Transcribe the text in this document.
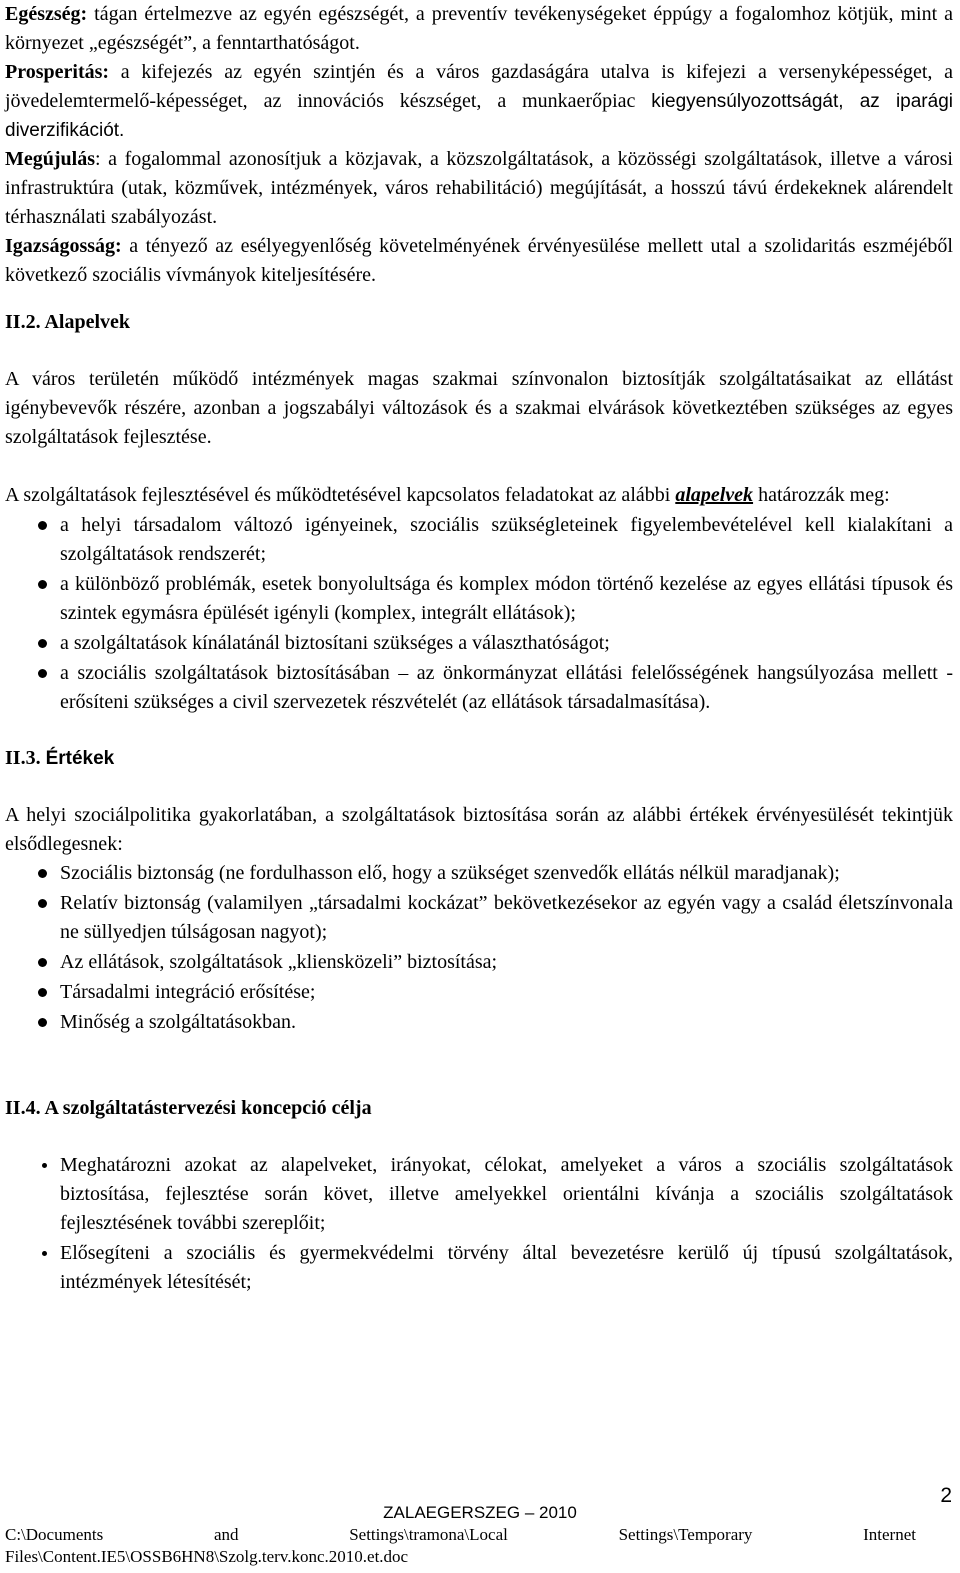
Egészség: tágan értelmezve az egyén egészségét, a preventív tevékenységeket éppúgy a fogalomhoz kötjük, mint a környezet „egészségét”, a fenntarthatóságot.

Prosperitás: a kifejezés az egyén szintjén és a város gazdaságára utalva is kifejezi a versenyképességet, a jövedelemtermelő-képességet, az innovációs készséget, a munkaerőpiac kiegyensúlyozottságát, az iparági diverzifikációt.

Megújulás: a fogalommal azonosítjuk a közjavak, a közszolgáltatások, a közösségi szolgáltatások, illetve a városi infrastruktúra (utak, közművek, intézmények, város rehabilitáció) megújítását, a hosszú távú érdekeknek alárendelt térhasználati szabályozást.

Igazságosság: a tényező az esélyegyenlőség követelményének érvényesülése mellett utal a szolidaritás eszméjéből következő szociális vívmányok kiteljesítésére.

II.2. Alapelvek

A város területén működő intézmények magas szakmai színvonalon biztosítják szolgáltatásaikat az ellátást igénybevevők részére, azonban a jogszabályi változások és a szakmai elvárások következtében szükséges az egyes szolgáltatások fejlesztése.

A szolgáltatások fejlesztésével és működtetésével kapcsolatos feladatokat az alábbi alapelvek határozzák meg:

a helyi társadalom változó igényeinek, szociális szükségleteinek figyelembevételével kell kialakítani a szolgáltatások rendszerét;
a különböző problémák, esetek bonyolultsága és komplex módon történő kezelése az egyes ellátási típusok és szintek egymásra épülését igényli (komplex, integrált ellátások);
a szolgáltatások kínálatánál biztosítani szükséges a választhatóságot;
a szociális szolgáltatások biztosításában – az önkormányzat ellátási felelősségének hangsúlyozása mellett - erősíteni szükséges a civil szervezetek részvételét (az ellátások társadalmasítása).
II.3. Értékek

A helyi szociálpolitika gyakorlatában, a szolgáltatások biztosítása során az alábbi értékek érvényesülését tekintjük elsődlegesnek:

Szociális biztonság (ne fordulhasson elő, hogy a szükséget szenvedők ellátás nélkül maradjanak);
Relatív biztonság (valamilyen „társadalmi kockázat” bekövetkezésekor az egyén vagy a család életszínvonala ne süllyedjen túlságosan nagyot);
Az ellátások, szolgáltatások „kliensközeli” biztosítása;
Társadalmi integráció erősítése;
Minőség a szolgáltatásokban.
II.4. A szolgáltatástervezési koncepció célja
Meghatározni azokat az alapelveket, irányokat, célokat, amelyeket a város a szociális szolgáltatások biztosítása, fejlesztése során követ, illetve amelyekkel orientálni kívánja a szociális szolgáltatások fejlesztésének további szereplőit;
Elősegíteni a szociális és gyermekvédelmi törvény által bevezetésre kerülő új típusú szolgáltatások, intézmények létesítését;
2
ZALAEGERSZEG – 2010
C:\Documents	and	Settings\tramona\Local	Settings\Temporary	Internet
Files\Content.IE5\OSSB6HN8\Szolg.terv.konc.2010.et.doc
